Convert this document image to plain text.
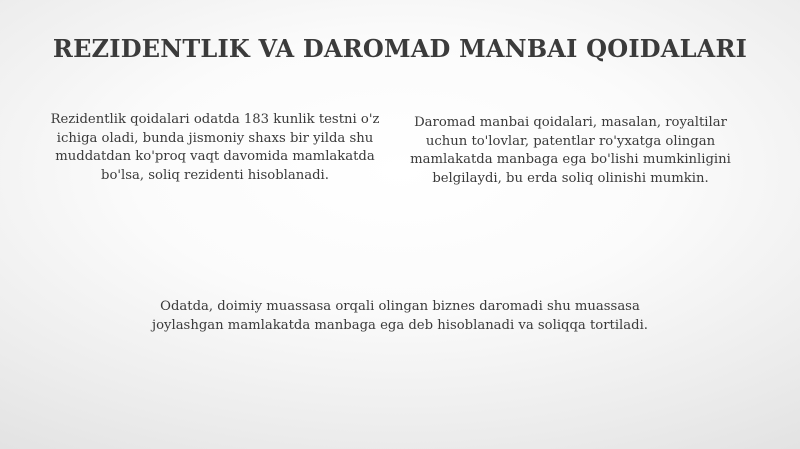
REZIDENTLIK VA DAROMAD MANBAI QOIDALARI

Rezidentlik qoidalari odatda 183 kunlik testni o'z ichiga oladi, bunda jismoniy shaxs bir yilda shu muddatdan ko'proq vaqt davomida mamlakatda bo'lsa, soliq rezidenti hisoblanadi.

Daromad manbai qoidalari, masalan, royaltilar uchun to'lovlar, patentlar ro'yxatga olingan mamlakatda manbaga ega bo'lishi mumkinligini belgilaydi, bu erda soliq olinishi mumkin.

Odatda, doimiy muassasa orqali olingan biznes daromadi shu muassasa joylashgan mamlakatda manbaga ega deb hisoblanadi va soliqqa tortiladi.
